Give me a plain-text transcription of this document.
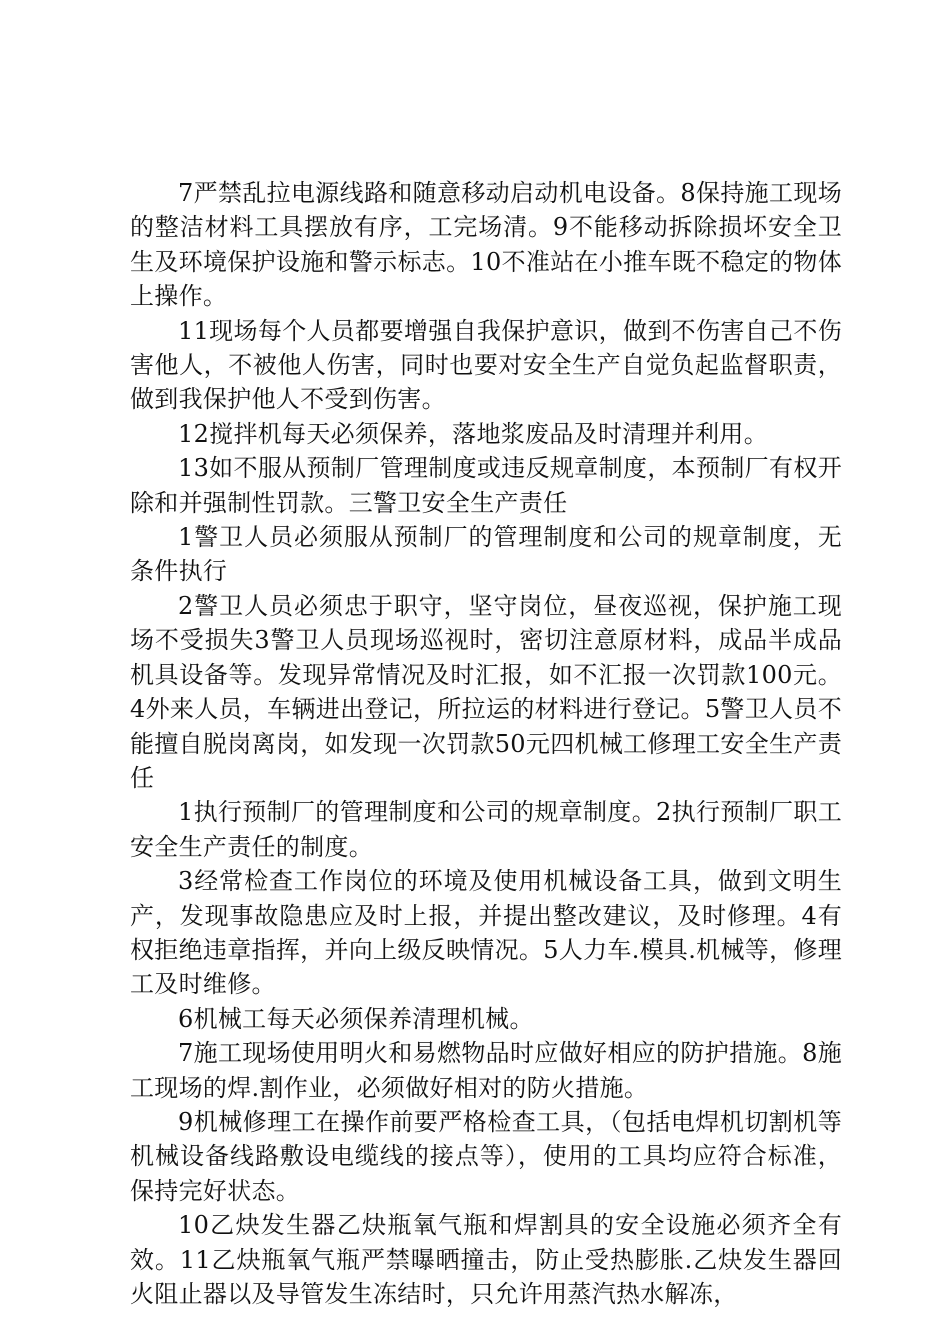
7严禁乱拉电源线路和随意移动启动机电设备。8保持施工现场的整洁材料工具摆放有序，工完场清。9不能移动拆除损坏安全卫生及环境保护设施和警示标志。10不准站在小推车既不稳定的物体上操作。

11现场每个人员都要增强自我保护意识，做到不伤害自己不伤害他人，不被他人伤害，同时也要对安全生产自觉负起监督职责，做到我保护他人不受到伤害。

12搅拌机每天必须保养，落地浆废品及时清理并利用。

13如不服从预制厂管理制度或违反规章制度，本预制厂有权开除和并强制性罚款。三警卫安全生产责任

1警卫人员必须服从预制厂的管理制度和公司的规章制度，无条件执行

2警卫人员必须忠于职守，坚守岗位，昼夜巡视，保护施工现场不受损失3警卫人员现场巡视时，密切注意原材料，成品半成品机具设备等。发现异常情况及时汇报，如不汇报一次罚款100元。4外来人员，车辆进出登记，所拉运的材料进行登记。5警卫人员不能擅自脱岗离岗，如发现一次罚款50元四机械工修理工安全生产责任

1执行预制厂的管理制度和公司的规章制度。2执行预制厂职工安全生产责任的制度。

3经常检查工作岗位的环境及使用机械设备工具，做到文明生产，发现事故隐患应及时上报，并提出整改建议，及时修理。4有权拒绝违章指挥，并向上级反映情况。5人力车.模具.机械等，修理工及时维修。

6机械工每天必须保养清理机械。

7施工现场使用明火和易燃物品时应做好相应的防护措施。8施工现场的焊.割作业，必须做好相对的防火措施。

9机械修理工在操作前要严格检查工具，（包括电焊机切割机等机械设备线路敷设电缆线的接点等），使用的工具均应符合标准，保持完好状态。

10乙炔发生器乙炔瓶氧气瓶和焊割具的安全设施必须齐全有效。11乙炔瓶氧气瓶严禁曝晒撞击，防止受热膨胀.乙炔发生器回火阻止器以及导管发生冻结时，只允许用蒸汽热水解冻，
